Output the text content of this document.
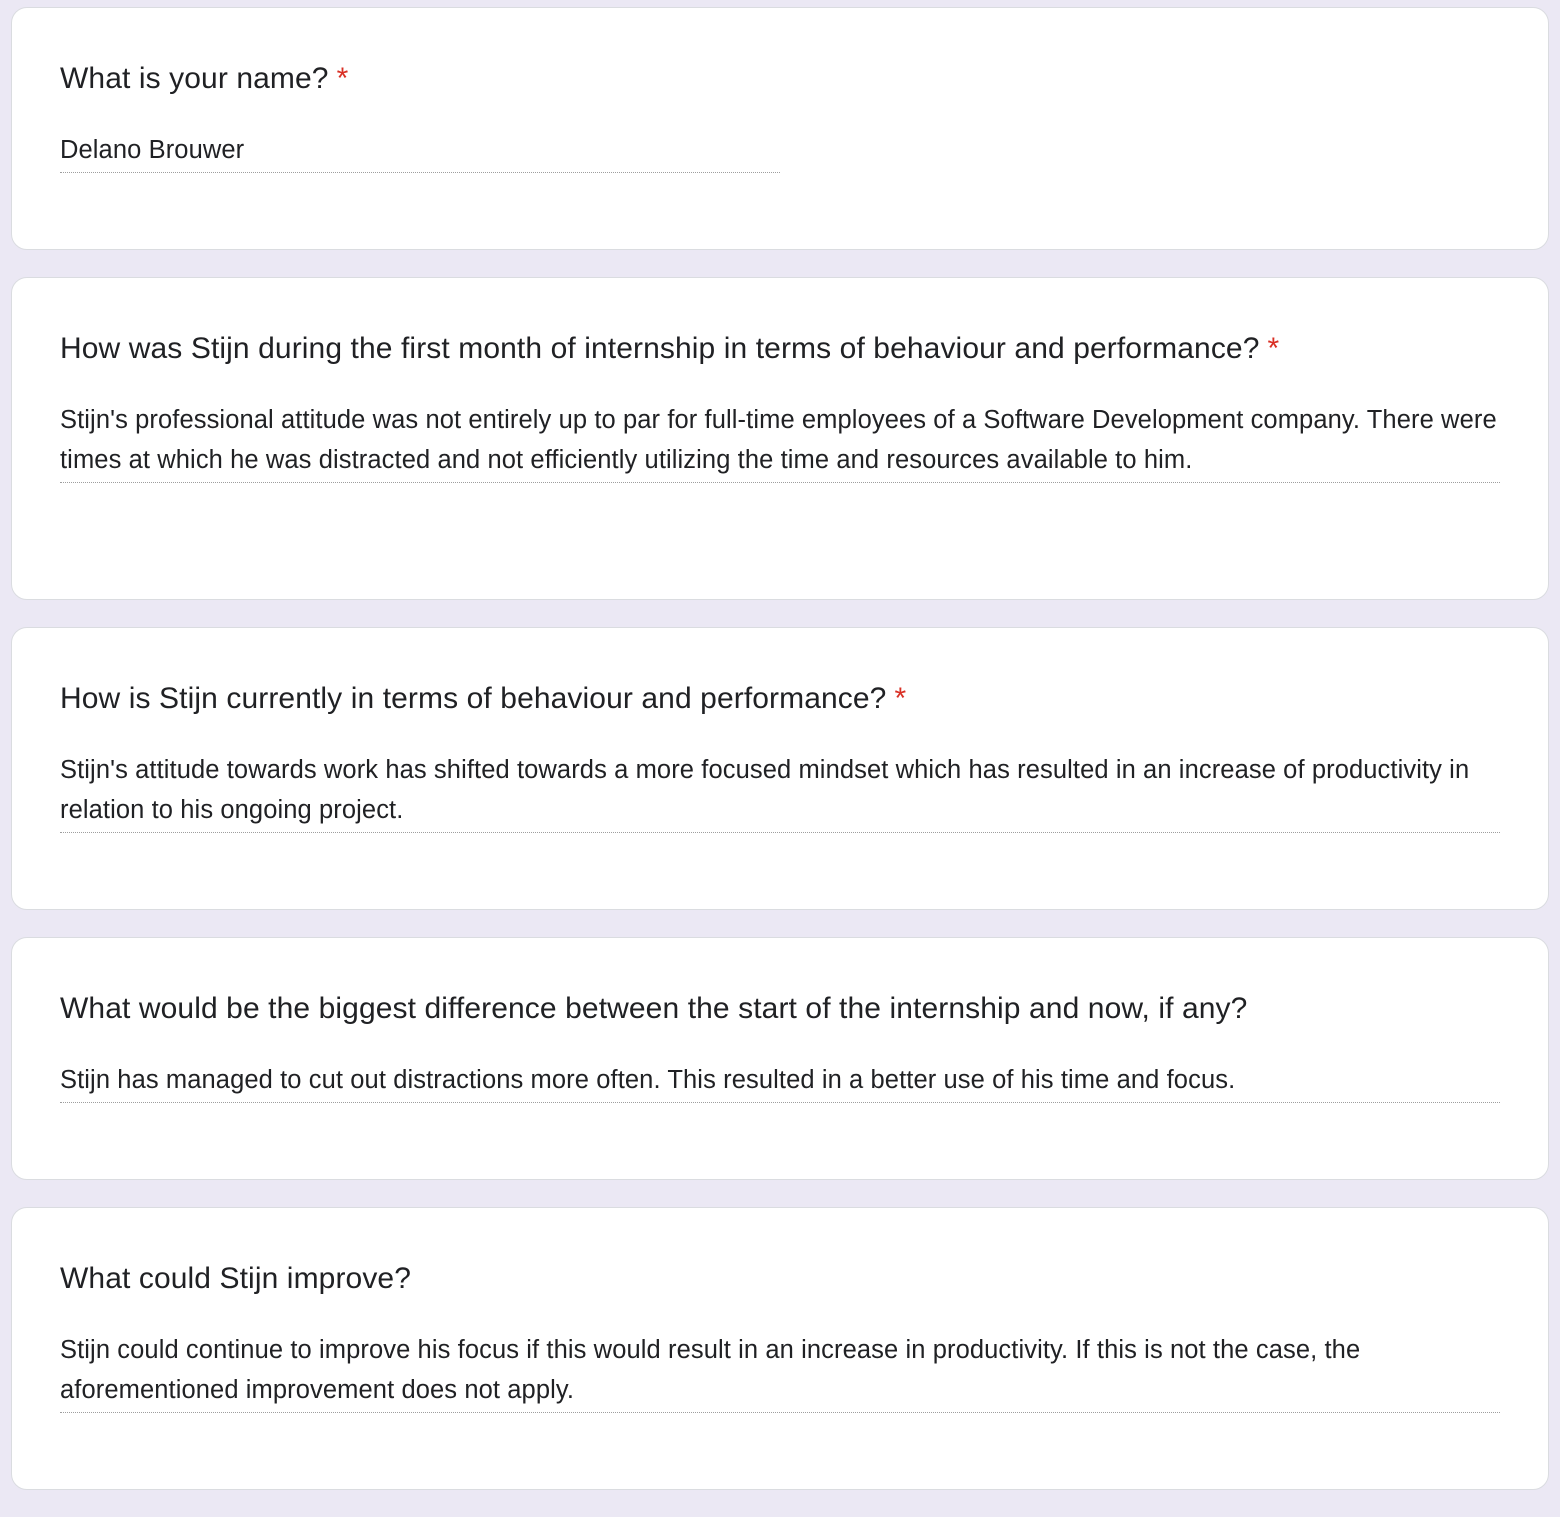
What is your name? *
Delano Brouwer
How was Stijn during the first month of internship in terms of behaviour and performance? *
Stijn's professional attitude was not entirely up to par for full-time employees of a Software Development company. There were times at which he was distracted and not efficiently utilizing the time and resources available to him.
How is Stijn currently in terms of behaviour and performance? *
Stijn's attitude towards work has shifted towards a more focused mindset which has resulted in an increase of productivity in relation to his ongoing project.
What would be the biggest difference between the start of the internship and now, if any?
Stijn has managed to cut out distractions more often. This resulted in a better use of his time and focus.
What could Stijn improve?
Stijn could continue to improve his focus if this would result in an increase in productivity. If this is not the case, the aforementioned improvement does not apply.
